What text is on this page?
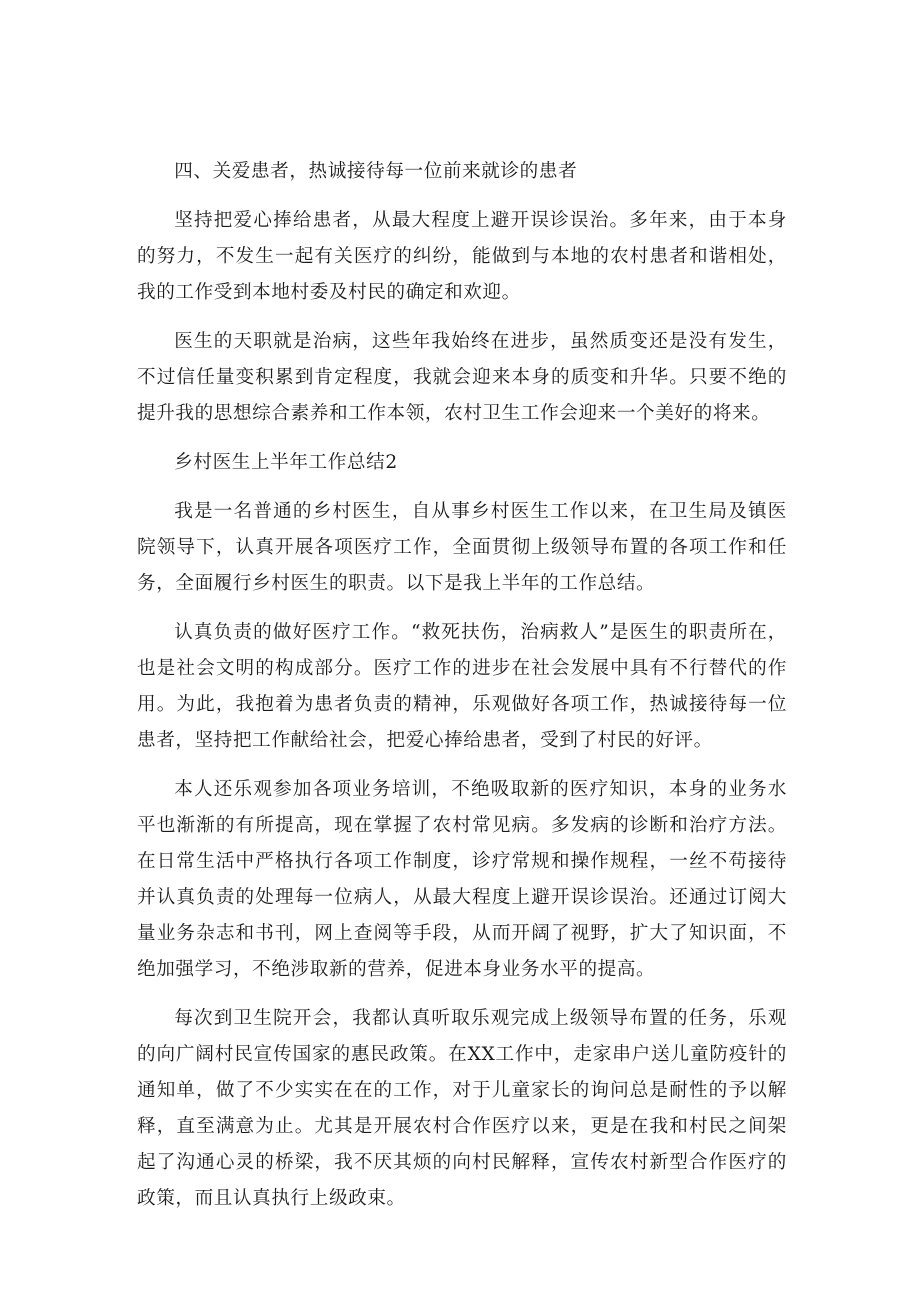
四、关爱患者，热诚接待每一位前来就诊的患者

坚持把爱心捧给患者，从最大程度上避开误诊误治。多年来，由于本身的努力，不发生一起有关医疗的纠纷，能做到与本地的农村患者和谐相处，我的工作受到本地村委及村民的确定和欢迎。

医生的天职就是治病，这些年我始终在进步，虽然质变还是没有发生，不过信任量变积累到肯定程度，我就会迎来本身的质变和升华。只要不绝的提升我的思想综合素养和工作本领，农村卫生工作会迎来一个美好的将来。

乡村医生上半年工作总结2

我是一名普通的乡村医生，自从事乡村医生工作以来，在卫生局及镇医院领导下，认真开展各项医疗工作，全面贯彻上级领导布置的各项工作和任务，全面履行乡村医生的职责。以下是我上半年的工作总结。

认真负责的做好医疗工作。“救死扶伤，治病救人”是医生的职责所在，也是社会文明的构成部分。医疗工作的进步在社会发展中具有不行替代的作用。为此，我抱着为患者负责的精神，乐观做好各项工作，热诚接待每一位患者，坚持把工作献给社会，把爱心捧给患者，受到了村民的好评。

本人还乐观参加各项业务培训，不绝吸取新的医疗知识，本身的业务水平也渐渐的有所提高，现在掌握了农村常见病。多发病的诊断和治疗方法。在日常生活中严格执行各项工作制度，诊疗常规和操作规程，一丝不苟接待并认真负责的处理每一位病人，从最大程度上避开误诊误治。还通过订阅大量业务杂志和书刊，网上查阅等手段，从而开阔了视野，扩大了知识面，不绝加强学习，不绝涉取新的营养，促进本身业务水平的提高。

每次到卫生院开会，我都认真听取乐观完成上级领导布置的任务，乐观的向广阔村民宣传国家的惠民政策。在XX工作中，走家串户送儿童防疫针的通知单，做了不少实实在在的工作，对于儿童家长的询问总是耐性的予以解释，直至满意为止。尤其是开展农村合作医疗以来，更是在我和村民之间架起了沟通心灵的桥梁，我不厌其烦的向村民解释，宣传农村新型合作医疗的政策，而且认真执行上级政束。
